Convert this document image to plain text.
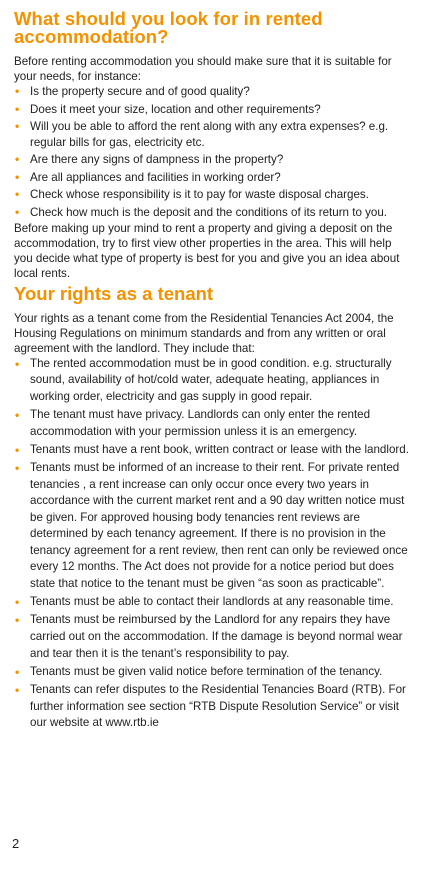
What should you look for in rented accommodation?

Before renting accommodation you should make sure that it is suitable for your needs, for instance:

• Is the property secure and of good quality?
• Does it meet your size, location and other requirements?
• Will you be able to afford the rent along with any extra expenses? e.g. regular bills for gas, electricity etc.
• Are there any signs of dampness in the property?
• Are all appliances and facilities in working order?
• Check whose responsibility is it to pay for waste disposal charges.
• Check how much is the deposit and the conditions of its return to you.

Before making up your mind to rent a property and giving a deposit on the accommodation, try to first view other properties in the area. This will help you decide what type of property is best for you and give you an idea about local rents.

Your rights as a tenant

Your rights as a tenant come from the Residential Tenancies Act 2004, the Housing Regulations on minimum standards and from any written or oral agreement with the landlord. They include that:

• The rented accommodation must be in good condition. e.g. structurally sound, availability of hot/cold water, adequate heating, appliances in working order, electricity and gas supply in good repair.
• The tenant must have privacy. Landlords can only enter the rented accommodation with your permission unless it is an emergency.
• Tenants must have a rent book, written contract or lease with the landlord.
• Tenants must be informed of an increase to their rent. For private rented tenancies , a rent increase can only occur once every two years in accordance with the current market rent and a 90 day written notice must be given. For approved housing body tenancies rent reviews are determined by each tenancy agreement. If there is no provision in the tenancy agreement for a rent review, then rent can only be reviewed once every 12 months. The Act does not provide for a notice period but does state that notice to the tenant must be given “as soon as practicable”.
• Tenants must be able to contact their landlords at any reasonable time.
• Tenants must be reimbursed by the Landlord for any repairs they have carried out on the accommodation. If the damage is beyond normal wear and tear then it is the tenant’s responsibility to pay.
• Tenants must be given valid notice before termination of the tenancy.
• Tenants can refer disputes to the Residential Tenancies Board (RTB). For further information see section “RTB Dispute Resolution Service” or visit our website at www.rtb.ie
2
